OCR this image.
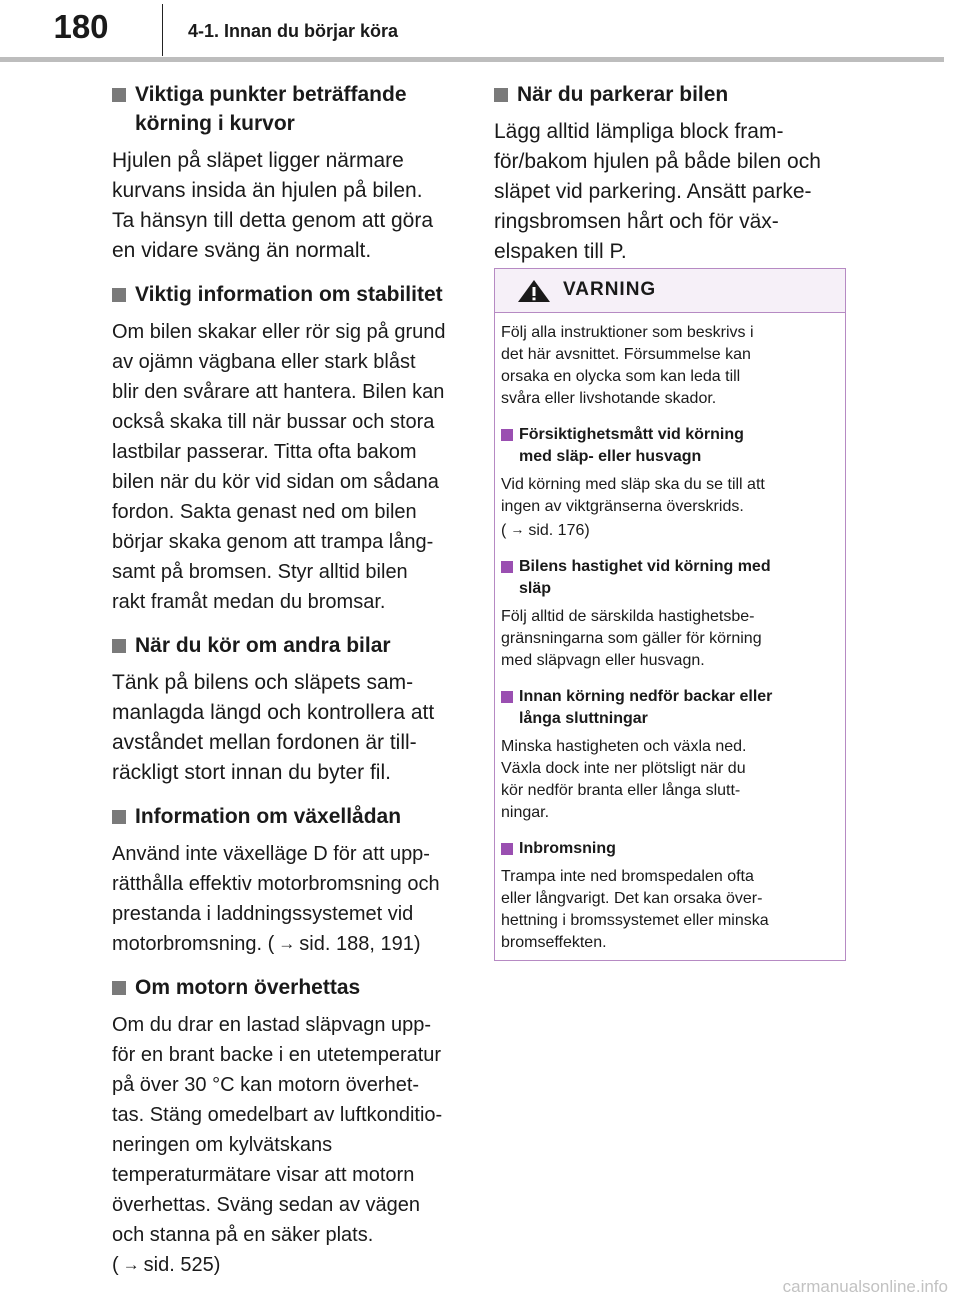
180	4-1. Innan du börjar köra
Viktiga punkter beträffande
körning i kurvor
Hjulen på släpet ligger närmare
kurvans insida än hjulen på bilen.
Ta hänsyn till detta genom att göra
en vidare sväng än normalt.
Viktig information om stabilitet
Om bilen skakar eller rör sig på grund
av ojämn vägbana eller stark blåst
blir den svårare att hantera. Bilen kan
också skaka till när bussar och stora
lastbilar passerar. Titta ofta bakom
bilen när du kör vid sidan om sådana
fordon. Sakta genast ned om bilen
börjar skaka genom att trampa lång-
samt på bromsen. Styr alltid bilen
rakt framåt medan du bromsar.
När du kör om andra bilar
Tänk på bilens och släpets sam-
manlagda längd och kontrollera att
avståndet mellan fordonen är till-
räckligt stort innan du byter fil.
Information om växellådan
Använd inte växelläge D för att upp-
rätthålla effektiv motorbromsning och
prestanda i laddningssystemet vid
motorbromsning. ( → sid. 188, 191)
Om motorn överhettas
Om du drar en lastad släpvagn upp-
för en brant backe i en utetemperatur
på över 30 °C kan motorn överhet-
tas. Stäng omedelbart av luftkonditio-
neringen om kylvätskans
temperaturmätare visar att motorn
överhettas. Sväng sedan av vägen
och stanna på en säker plats.
( → sid. 525)
När du parkerar bilen
Lägg alltid lämpliga block fram-
för/bakom hjulen på både bilen och
släpet vid parkering. Ansätt parke-
ringsbromsen hårt och för väx-
elspaken till P.
VARNING
Följ alla instruktioner som beskrivs i
det här avsnittet. Försummelse kan
orsaka en olycka som kan leda till
svåra eller livshotande skador.
Försiktighetsmått vid körning
med släp- eller husvagn
Vid körning med släp ska du se till att
ingen av viktgränserna överskrids.
( → sid. 176)
Bilens hastighet vid körning med
släp
Följ alltid de särskilda hastighetsbe-
gränsningarna som gäller för körning
med släpvagn eller husvagn.
Innan körning nedför backar eller
långa sluttningar
Minska hastigheten och växla ned.
Växla dock inte ner plötsligt när du
kör nedför branta eller långa slutt-
ningar.
Inbromsning
Trampa inte ned bromspedalen ofta
eller långvarigt. Det kan orsaka över-
hettning i bromssystemet eller minska
bromseffekten.
carmanualsonline.info
